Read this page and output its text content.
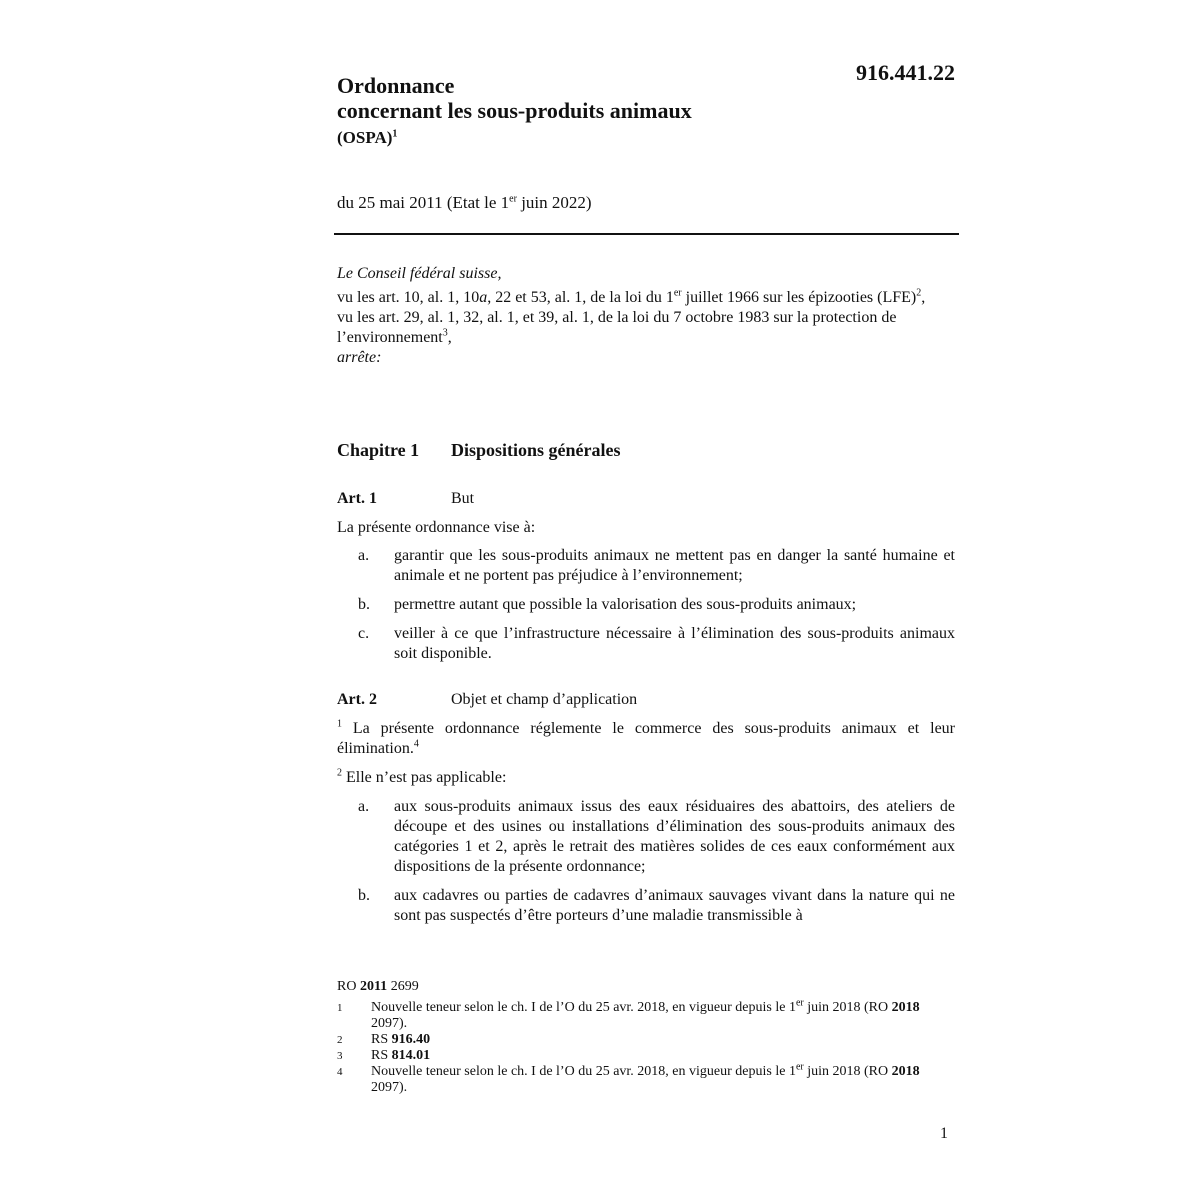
916.441.22
Ordonnance
concernant les sous-produits animaux
(OSPA)$^1$
du 25 mai 2011 (Etat le 1er juin 2022)
Le Conseil fédéral suisse,
vu les art. 10, al. 1, 10a, 22 et 53, al. 1, de la loi du 1er juillet 1966 sur les épizooties (LFE)$^2$,
vu les art. 29, al. 1, 32, al. 1, et 39, al. 1, de la loi du 7 octobre 1983 sur la protection de l’environnement$^3$,
arrête:
Chapitre 1 Dispositions générales
Art. 1	But
La présente ordonnance vise à:
a. garantir que les sous-produits animaux ne mettent pas en danger la santé humaine et animale et ne portent pas préjudice à l’environnement;
b. permettre autant que possible la valorisation des sous-produits animaux;
c. veiller à ce que l’infrastructure nécessaire à l’élimination des sous-produits animaux soit disponible.
Art. 2	Objet et champ d’application
$^1$ La présente ordonnance réglemente le commerce des sous-produits animaux et leur élimination.$^4$
$^2$ Elle n’est pas applicable:
a. aux sous-produits animaux issus des eaux résiduaires des abattoirs, des ateliers de découpe et des usines ou installations d’élimination des sous-produits animaux des catégories 1 et 2, après le retrait des matières solides de ces eaux conformément aux dispositions de la présente ordonnance;
b. aux cadavres ou parties de cadavres d’animaux sauvages vivant dans la nature qui ne sont pas suspectés d’être porteurs d’une maladie transmissible à
RO 2011 2699
1 Nouvelle teneur selon le ch. I de l’O du 25 avr. 2018, en vigueur depuis le 1er juin 2018 (RO 2018 2097).
2 RS 916.40
3 RS 814.01
4 Nouvelle teneur selon le ch. I de l’O du 25 avr. 2018, en vigueur depuis le 1er juin 2018 (RO 2018 2097).
1
